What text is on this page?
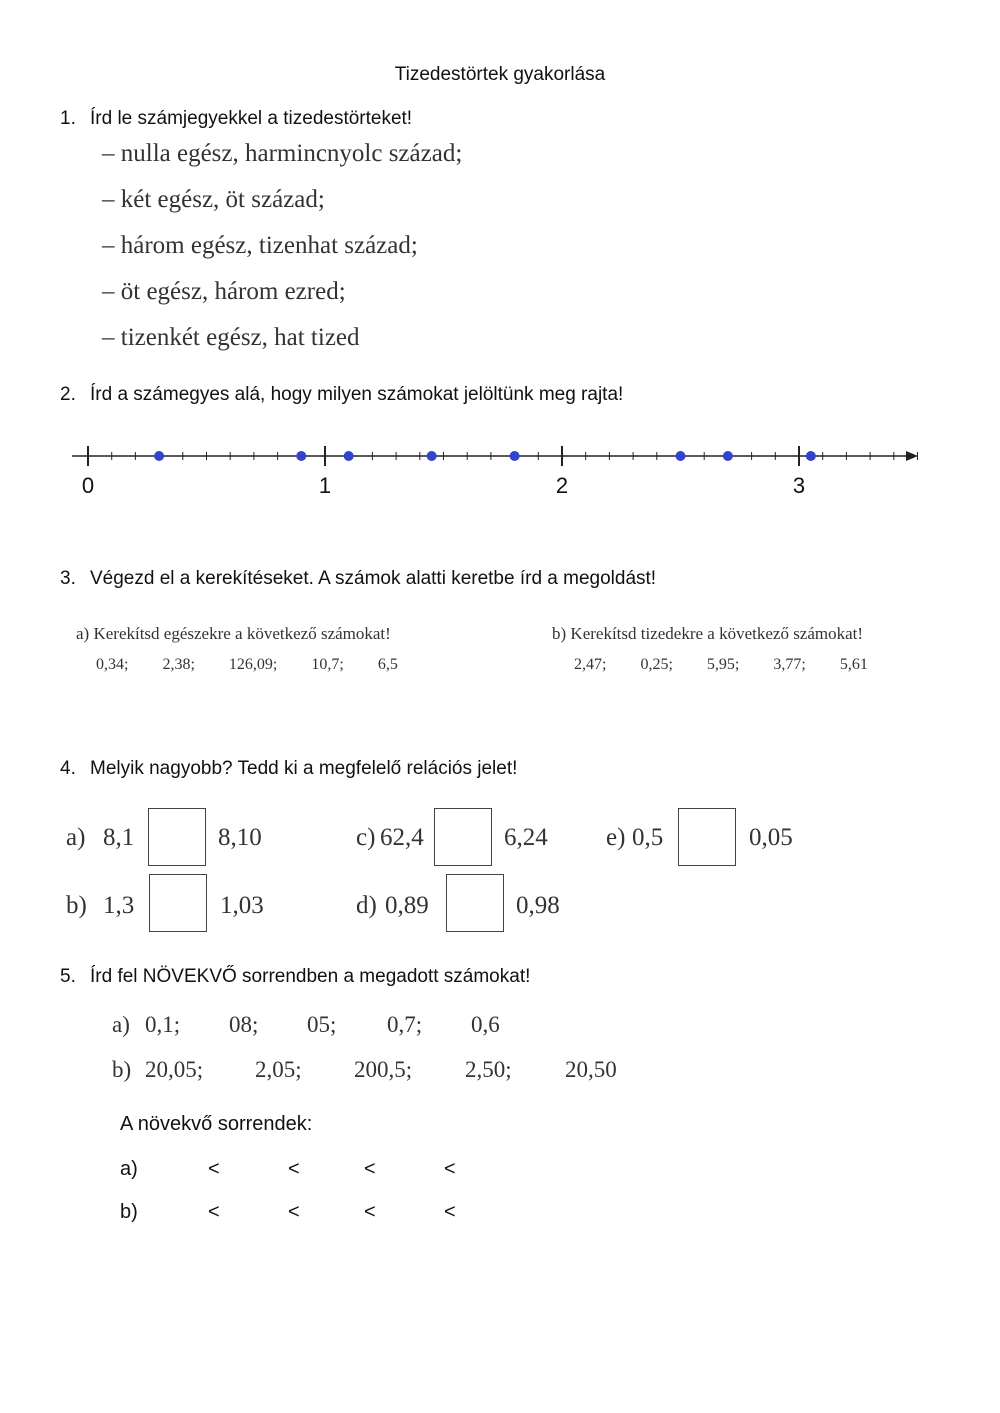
Tizedestörtek gyakorlása
1. Írd le számjegyekkel a tizedestörteket!
– nulla egész, harmincnyolc század;
– két egész, öt század;
– három egész, tizenhat század;
– öt egész, három ezred;
– tizenkét egész, hat tized
2. Írd a számegyes alá, hogy milyen számokat jelöltünk meg rajta!
0	1	2	3
3. Végezd el a kerekítéseket. A számok alatti keretbe írd a megoldást!
a) Kerekítsd egészekre a következő számokat!
0,34; 2,38; 126,09; 10,7; 6,5
b) Kerekítsd tizedekre a következő számokat!
2,47; 0,25; 5,95; 3,77; 5,61
4. Melyik nagyobb? Tedd ki a megfelelő relációs jelet!
a) 8,1	8,10
b) 1,3	1,03
c) 62,4	6,24
d) 0,89	0,98
e) 0,5	0,05
5. Írd fel NÖVEKVŐ sorrendben a megadott számokat!
a) 0,1; 08; 05; 0,7; 0,6
b) 20,05; 2,05; 200,5; 2,50; 20,50
A növekvő sorrendek:
a)	<	<	<	<
b)	<	<	<	<
